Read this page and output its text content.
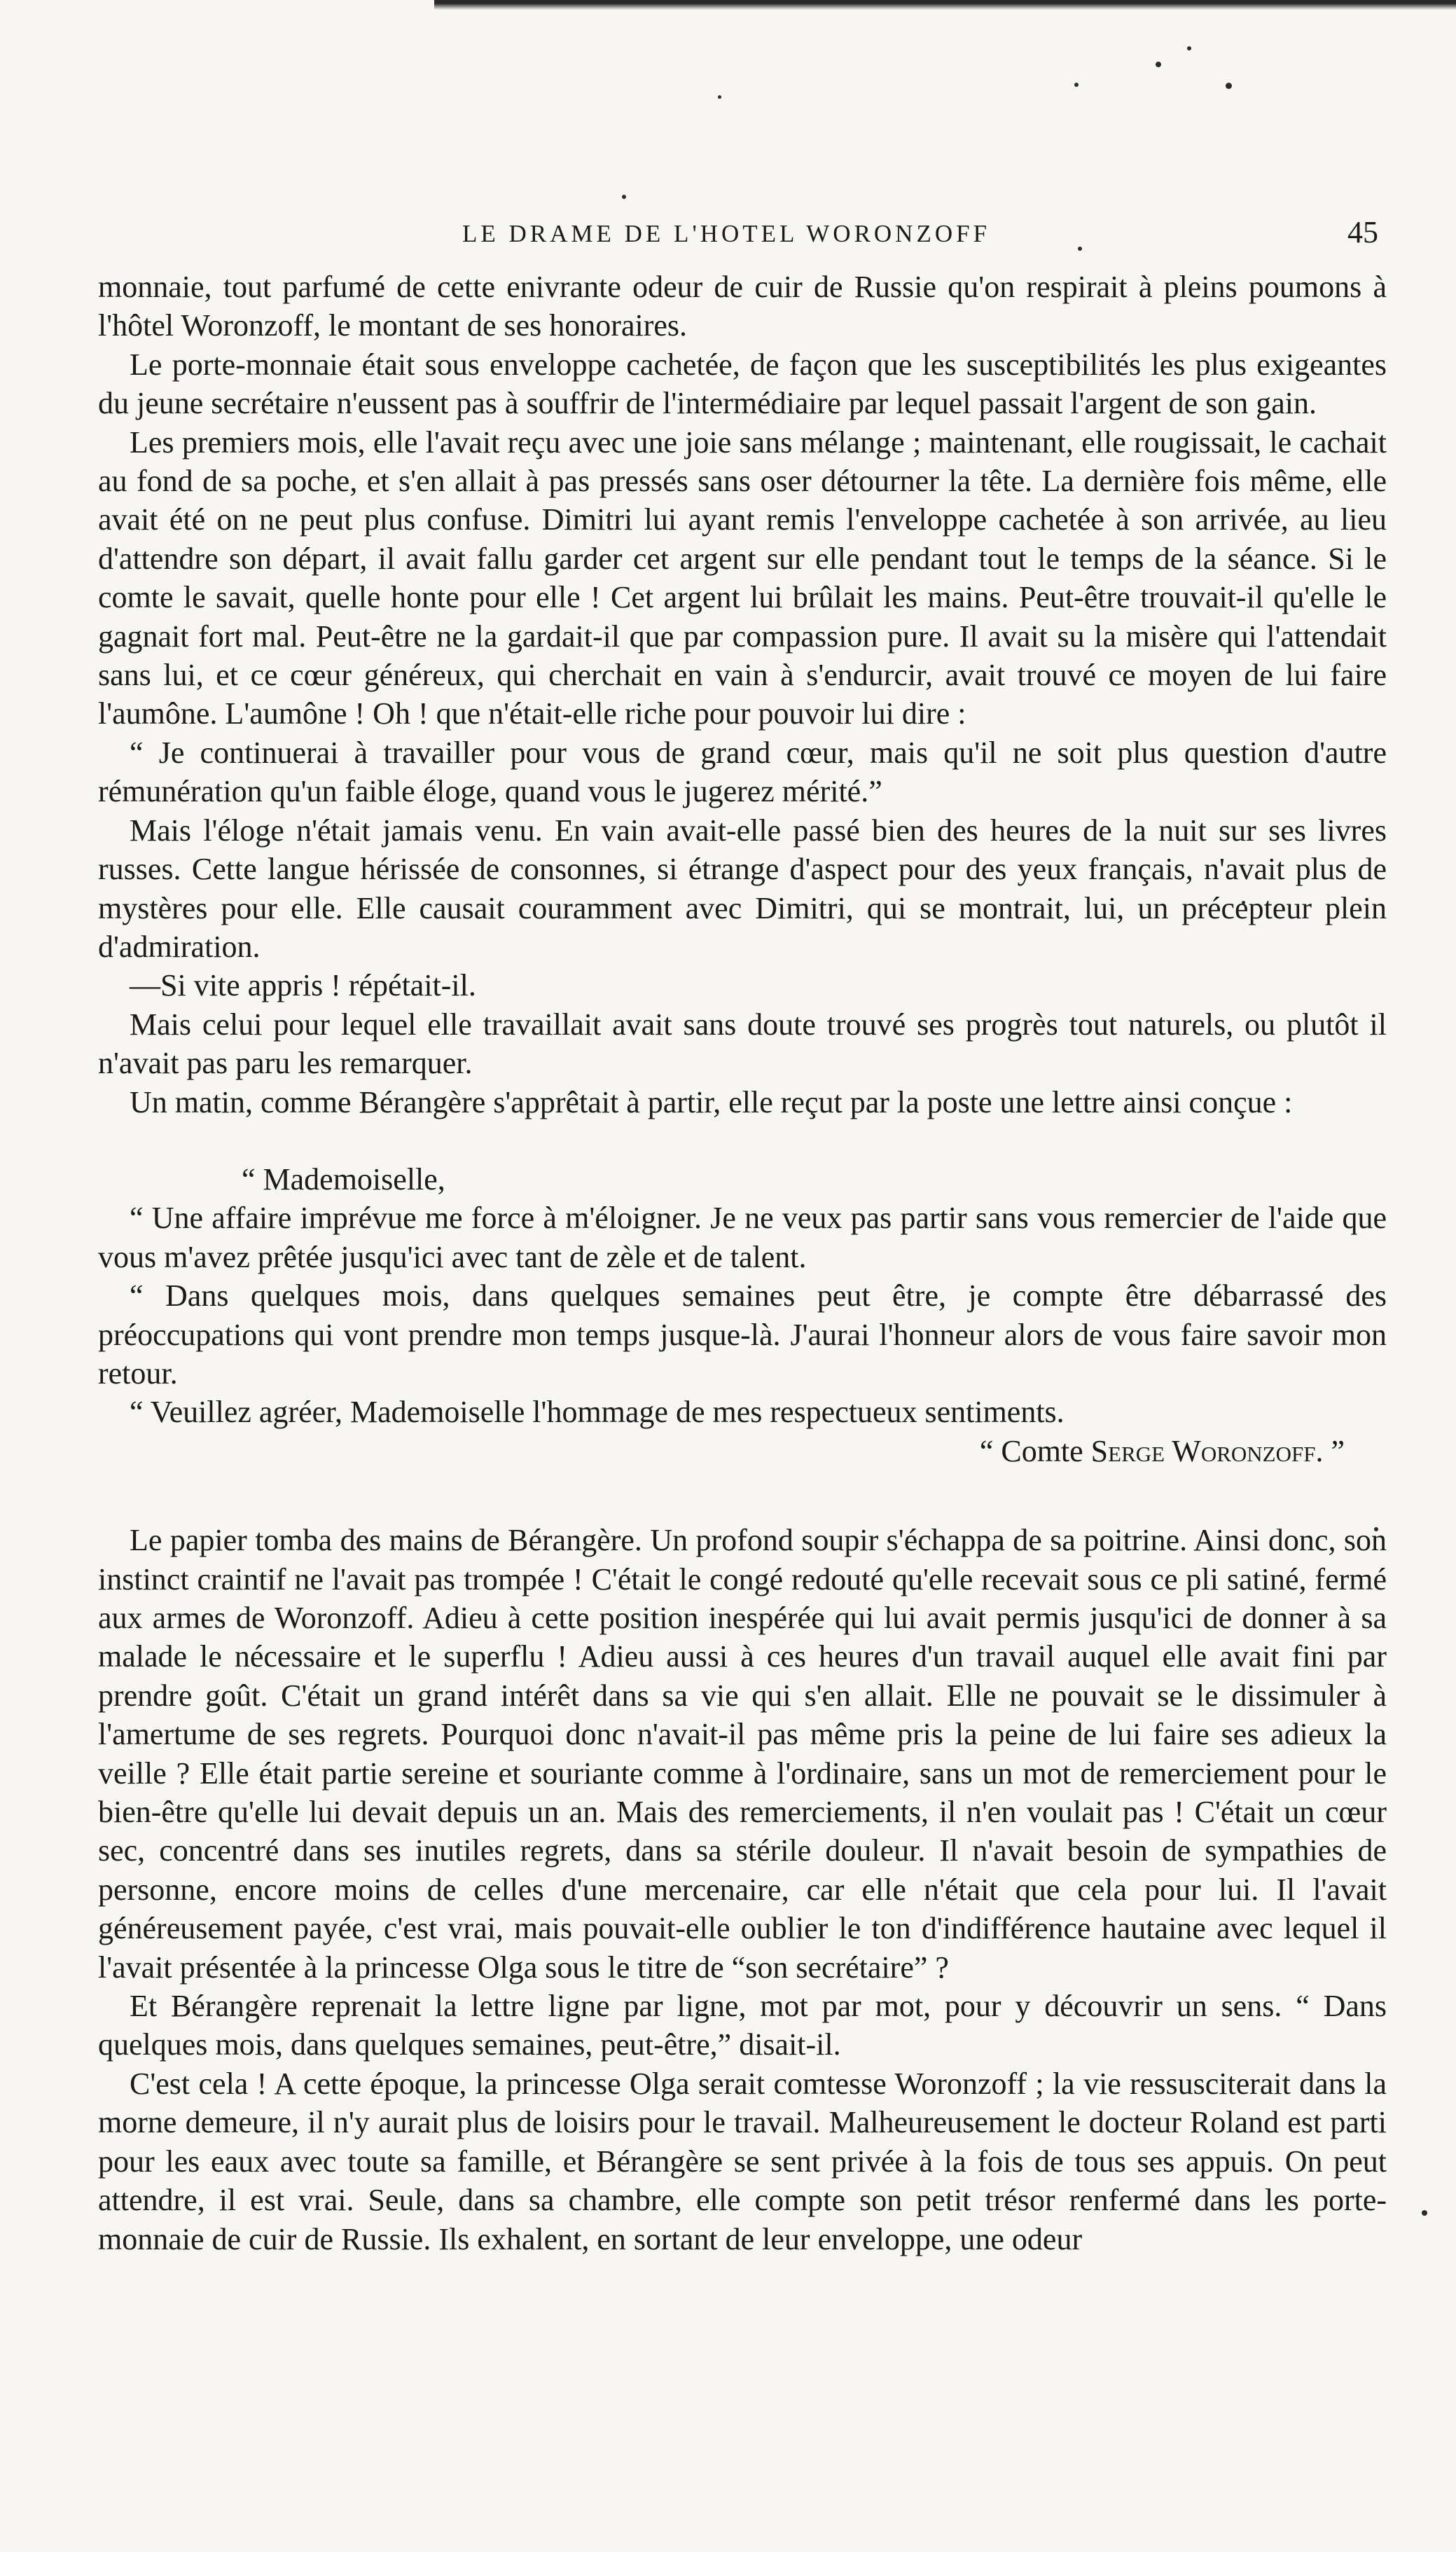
LE DRAME DE L'HOTEL WORONZOFF	45

monnaie, tout parfumé de cette enivrante odeur de cuir de Russie qu'on respirait à pleins poumons à l'hôtel Woronzoff, le montant de ses honoraires.

Le porte-monnaie était sous enveloppe cachetée, de façon que les susceptibilités les plus exigeantes du jeune secrétaire n'eussent pas à souffrir de l'intermédiaire par lequel passait l'argent de son gain.

Les premiers mois, elle l'avait reçu avec une joie sans mélange ; maintenant, elle rougissait, le cachait au fond de sa poche, et s'en allait à pas pressés sans oser détourner la tête. La dernière fois même, elle avait été on ne peut plus confuse. Dimitri lui ayant remis l'enveloppe cachetée à son arrivée, au lieu d'attendre son départ, il avait fallu garder cet argent sur elle pendant tout le temps de la séance. Si le comte le savait, quelle honte pour elle ! Cet argent lui brûlait les mains. Peut-être trouvait-il qu'elle le gagnait fort mal. Peut-être ne la gardait-il que par compassion pure. Il avait su la misère qui l'attendait sans lui, et ce cœur généreux, qui cherchait en vain à s'endurcir, avait trouvé ce moyen de lui faire l'aumône. L'aumône ! Oh ! que n'était-elle riche pour pouvoir lui dire :

“ Je continuerai à travailler pour vous de grand cœur, mais qu'il ne soit plus question d'autre rémunération qu'un faible éloge, quand vous le jugerez mérité.”

Mais l'éloge n'était jamais venu. En vain avait-elle passé bien des heures de la nuit sur ses livres russes. Cette langue hérissée de consonnes, si étrange d'aspect pour des yeux français, n'avait plus de mystères pour elle. Elle causait couramment avec Dimitri, qui se montrait, lui, un précepteur plein d'admiration.

—Si vite appris ! répétait-il.

Mais celui pour lequel elle travaillait avait sans doute trouvé ses progrès tout naturels, ou plutôt il n'avait pas paru les remarquer.

Un matin, comme Bérangère s'apprêtait à partir, elle reçut par la poste une lettre ainsi conçue :

“ Mademoiselle,

“ Une affaire imprévue me force à m'éloigner. Je ne veux pas partir sans vous remercier de l'aide que vous m'avez prêtée jusqu'ici avec tant de zèle et de talent.

“ Dans quelques mois, dans quelques semaines peut être, je compte être débarrassé des préoccupations qui vont prendre mon temps jusque-là. J'aurai l'honneur alors de vous faire savoir mon retour.

“ Veuillez agréer, Mademoiselle l'hommage de mes respectueux sentiments.

“ Comte Serge Woronzoff. ”

Le papier tomba des mains de Bérangère. Un profond soupir s'échappa de sa poitrine. Ainsi donc, son instinct craintif ne l'avait pas trompée ! C'était le congé redouté qu'elle recevait sous ce pli satiné, fermé aux armes de Woronzoff. Adieu à cette position inespérée qui lui avait permis jusqu'ici de donner à sa malade le nécessaire et le superflu ! Adieu aussi à ces heures d'un travail auquel elle avait fini par prendre goût. C'était un grand intérêt dans sa vie qui s'en allait. Elle ne pouvait se le dissimuler à l'amertume de ses regrets. Pourquoi donc n'avait-il pas même pris la peine de lui faire ses adieux la veille ? Elle était partie sereine et souriante comme à l'ordinaire, sans un mot de remerciement pour le bien-être qu'elle lui devait depuis un an. Mais des remerciements, il n'en voulait pas ! C'était un cœur sec, concentré dans ses inutiles regrets, dans sa stérile douleur. Il n'avait besoin de sympathies de personne, encore moins de celles d'une mercenaire, car elle n'était que cela pour lui. Il l'avait généreusement payée, c'est vrai, mais pouvait-elle oublier le ton d'indifférence hautaine avec lequel il l'avait présentée à la princesse Olga sous le titre de “son secrétaire” ?

Et Bérangère reprenait la lettre ligne par ligne, mot par mot, pour y découvrir un sens. “ Dans quelques mois, dans quelques semaines, peut-être,” disait-il.

C'est cela ! A cette époque, la princesse Olga serait comtesse Woronzoff ; la vie ressusciterait dans la morne demeure, il n'y aurait plus de loisirs pour le travail. Malheureusement le docteur Roland est parti pour les eaux avec toute sa famille, et Bérangère se sent privée à la fois de tous ses appuis. On peut attendre, il est vrai. Seule, dans sa chambre, elle compte son petit trésor renfermé dans les porte-monnaie de cuir de Russie. Ils exhalent, en sortant de leur enveloppe, une odeur
